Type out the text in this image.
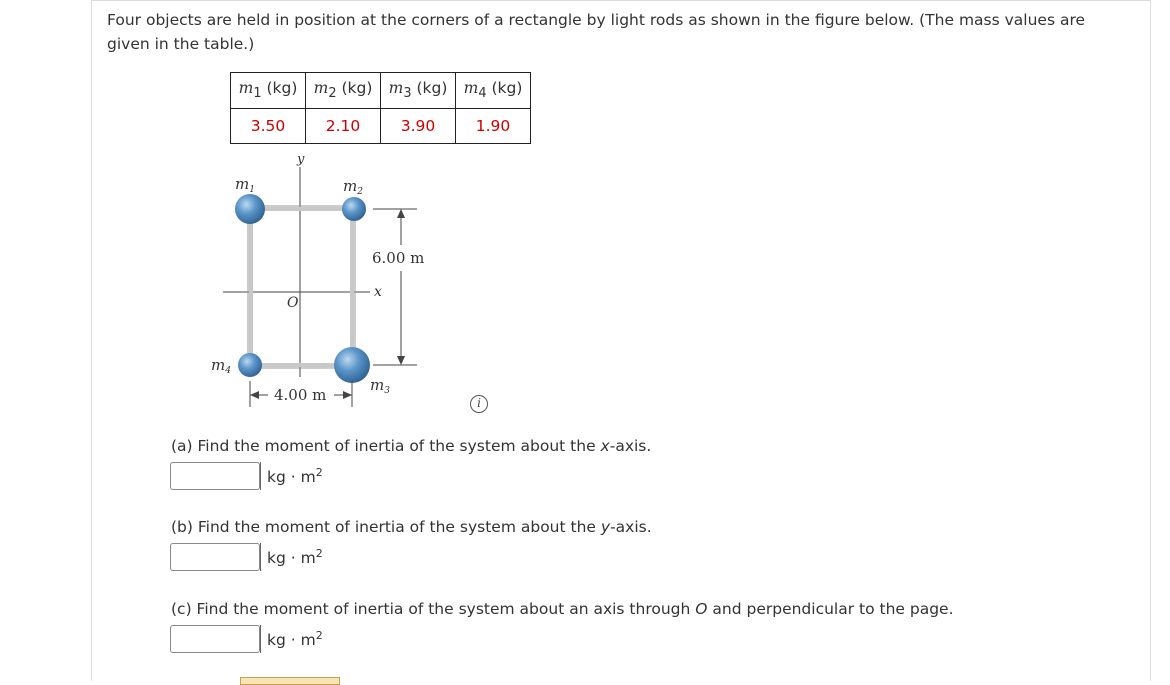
Four objects are held in position at the corners of a rectangle by light rods as shown in the figure below. (The mass values are given in the table.)
$m_1$ (kg)	$m_2$ (kg)	$m_3$ (kg)	$m_4$ (kg)
3.50	2.10	3.90	1.90
$m_1$	$m_2$
$m_3$
$m_4$
y
x
O
6.00 m
4.00 m	i
(a) Find the moment of inertia of the system about the x-axis.
kg · $m^2$
(b) Find the moment of inertia of the system about the y-axis.
kg · $m^2$
(c) Find the moment of inertia of the system about an axis through O and perpendicular to the page.
kg · $m^2$
